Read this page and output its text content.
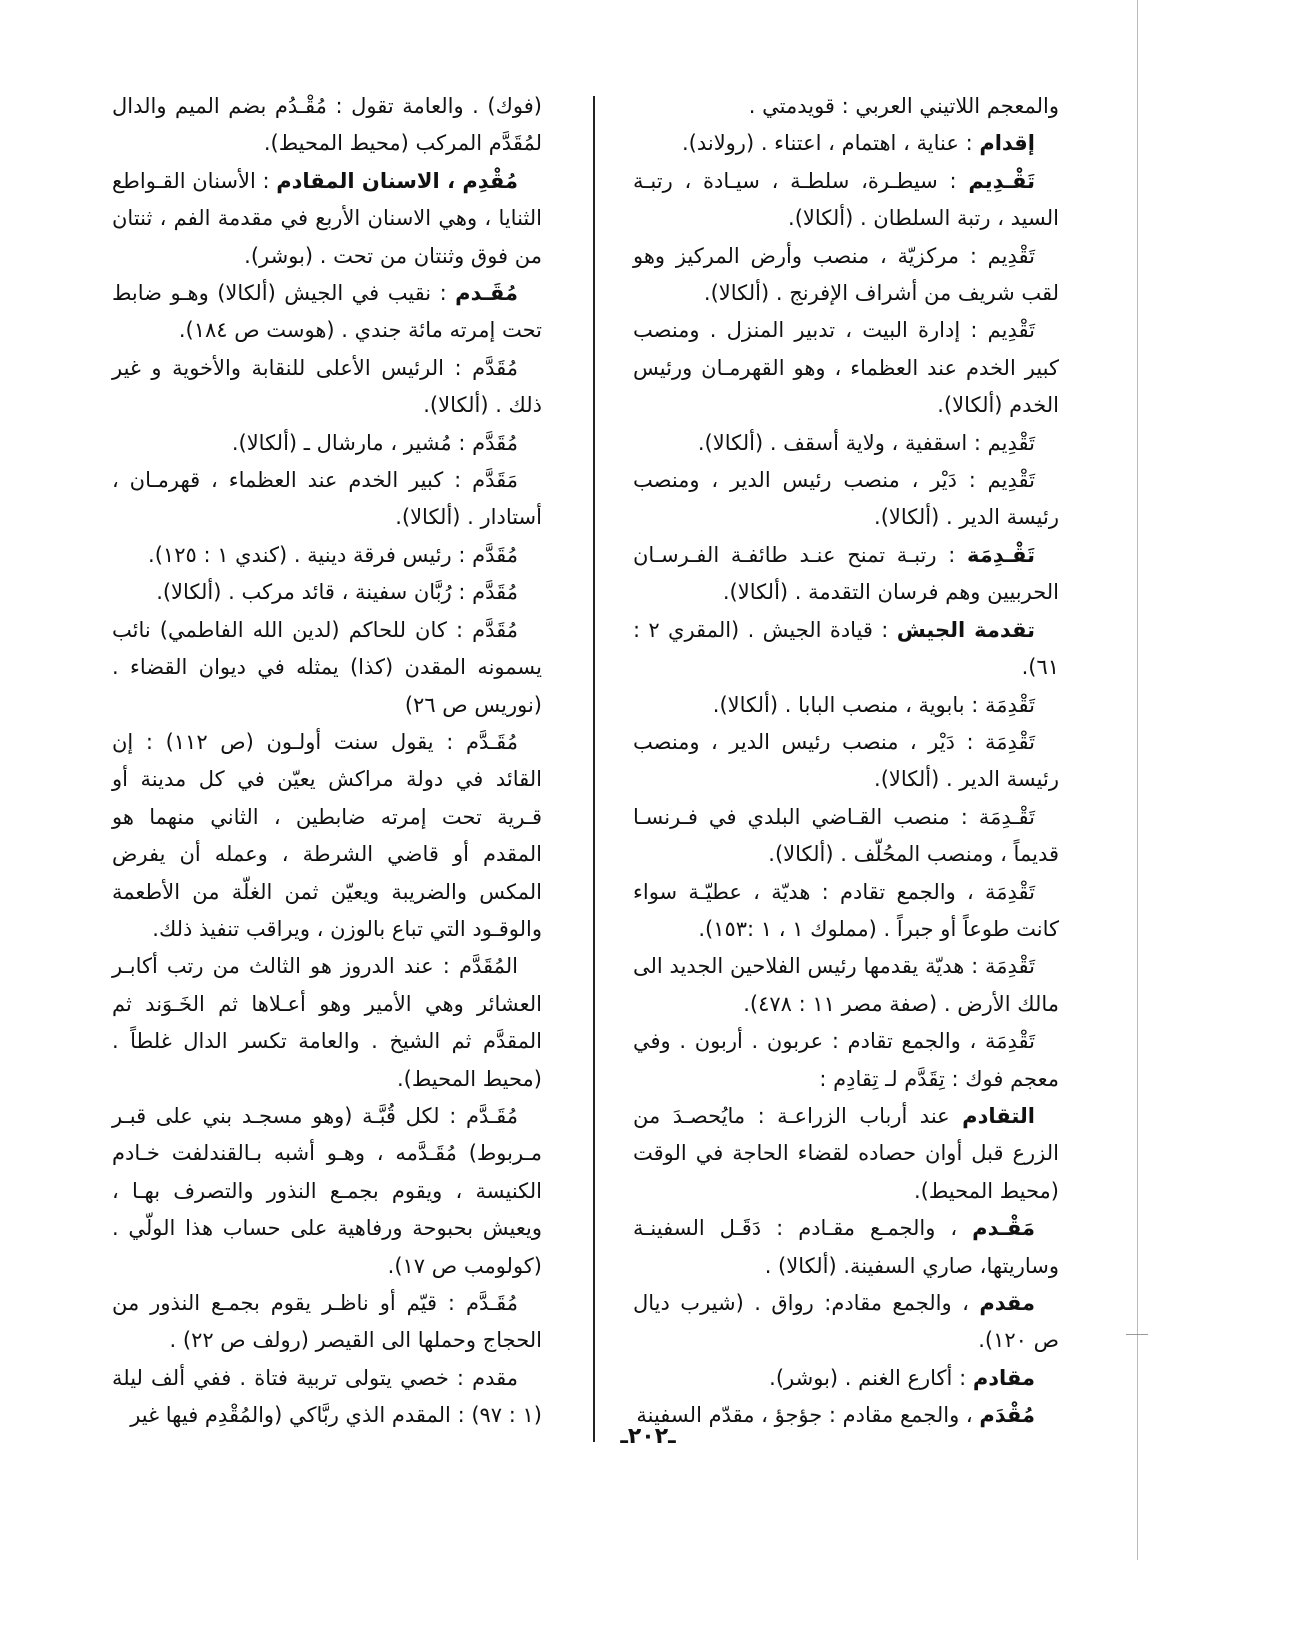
والمعجم اللاتيني العربي : قويدمتي .

إقدام : عناية ، اهتمام ، اعتناء . (رولاند).

تَقْـدِيم : سيطـرة، سلطـة ، سيـادة ، رتبـة السيد ، رتبة السلطان . (ألكالا).

تَقْدِيم : مركزيّة ، منصب وأرض المركيز وهو لقب شريف من أشراف الإفرنج . (ألكالا).

تَقْدِيم : إدارة البيت ، تدبير المنزل . ومنصب كبير الخدم عند العظماء ، وهو القهرمـان ورئيس الخدم (ألكالا).

تَقْدِيم : اسقفية ، ولاية أسقف . (ألكالا).

تَقْدِيم : دَيْر ، منصب رئيس الدير ، ومنصب رئيسة الدير . (ألكالا).

تَقْـدِمَة : رتبـة تمنح عنـد طائفـة الفـرسـان الحربيين وهم فرسان التقدمة . (ألكالا).

تقدمة الجيش : قيادة الجيش . (المقري ٢ : ٦١).

تَقْدِمَة : بابوية ، منصب البابا . (ألكالا).

تَقْدِمَة : دَيْر ، منصب رئيس الدير ، ومنصب رئيسة الدير . (ألكالا).

تَقْـدِمَة : منصب القـاضي البلدي في فـرنسـا قديماً ، ومنصب المحُلّف . (ألكالا).

تَقْدِمَة ، والجمع تقادم : هديّة ، عطيّـة سواء كانت طوعاً أو جبراً . (مملوك ١ ، ١ :١٥٣).

تَقْدِمَة : هديّة يقدمها رئيس الفلاحين الجديد الى مالك الأرض . (صفة مصر ١١ : ٤٧٨).

تَقْدِمَة ، والجمع تقادم : عربون . أربون . وفي معجم فوك : تِقَدَّم لـ تِقادِم :

التقادم عند أرباب الزراعـة : مايُحصـدَ من الزرع قبل أوان حصاده لقضاء الحاجة في الوقت (محيط المحيط).

مَقْـدم ، والجمـع مقـادم : دَقَـل السفينـة وساريتها، صاري السفينة. (ألكالا) .

مقدم ، والجمع مقادم: رواق . (شيرب ديال ص ١٢٠).

مقادم : أكارع الغنم . (بوشر).

مُقْدَم ، والجمع مقادم : جؤجؤ ، مقدّم السفينة

(فوك) . والعامة تقول : مُقْـدُم بضم الميم والدال لمُقَدَّم المركب (محيط المحيط).

مُقْدِم ، الاسنان المقادم : الأسنان القـواطع الثنايا ، وهي الاسنان الأربع في مقدمة الفم ، ثنتان من فوق وثنتان من تحت . (بوشر).

مُقَـدم : نقيب في الجيش (ألكالا) وهـو ضابط تحت إمرته مائة جندي . (هوست ص ١٨٤).

مُقَدَّم : الرئيس الأعلى للنقابة والأخوية و غير ذلك . (ألكالا).

مُقَدَّم : مُشير ، مارشال ـ (ألكالا).

مَقَدَّم : كبير الخدم عند العظماء ، قهرمـان ، أستادار . (ألكالا).

مُقَدَّم : رئيس فرقة دينية . (كندي ١ : ١٢٥).

مُقَدَّم : رُبَّان سفينة ، قائد مركب . (ألكالا).

مُقَدَّم : كان للحاكم (لدين الله الفاطمي) نائب يسمونه المقدن (كذا) يمثله في ديوان القضاء . (نوريس ص ٢٦)

مُقَـدَّم : يقول سنت أولـون (ص ١١٢) : إن القائد في دولة مراكش يعيّن في كل مدينة أو قـرية تحت إمرته ضابطين ، الثاني منهما هو المقدم أو قاضي الشرطة ، وعمله أن يفرض المكس والضريبة ويعيّن ثمن الغلّة من الأطعمة والوقـود التي تباع بالوزن ، ويراقب تنفيذ ذلك.

المُقَدَّم : عند الدروز هو الثالث من رتب أكابـر العشائر وهي الأمير وهو أعـلاها ثم الخَـوَند ثم المقدَّم ثم الشيخ . والعامة تكسر الدال غلطاً . (محيط المحيط).

مُقَـدَّم : لكل قُبَّـة (وهو مسجـد بني على قبـر مـربوط) مُقَـدَّمه ، وهـو أشبه بـالقندلفت خـادم الكنيسة ، ويقوم بجمـع النذور والتصرف بهـا ، ويعيش بحبوحة ورفاهية على حساب هذا الولّي . (كولومب ص ١٧).

مُقَـدَّم : قيّم أو ناظـر يقوم بجمـع النذور من الحجاج وحملها الى القيصر (رولف ص ٢٢) .

مقدم : خصي يتولى تربية فتاة . ففي ألف ليلة (١ : ٩٧) : المقدم الذي ربَّاكي (والمُقْدِم فيها غير

ـ٢٠٢ـ
